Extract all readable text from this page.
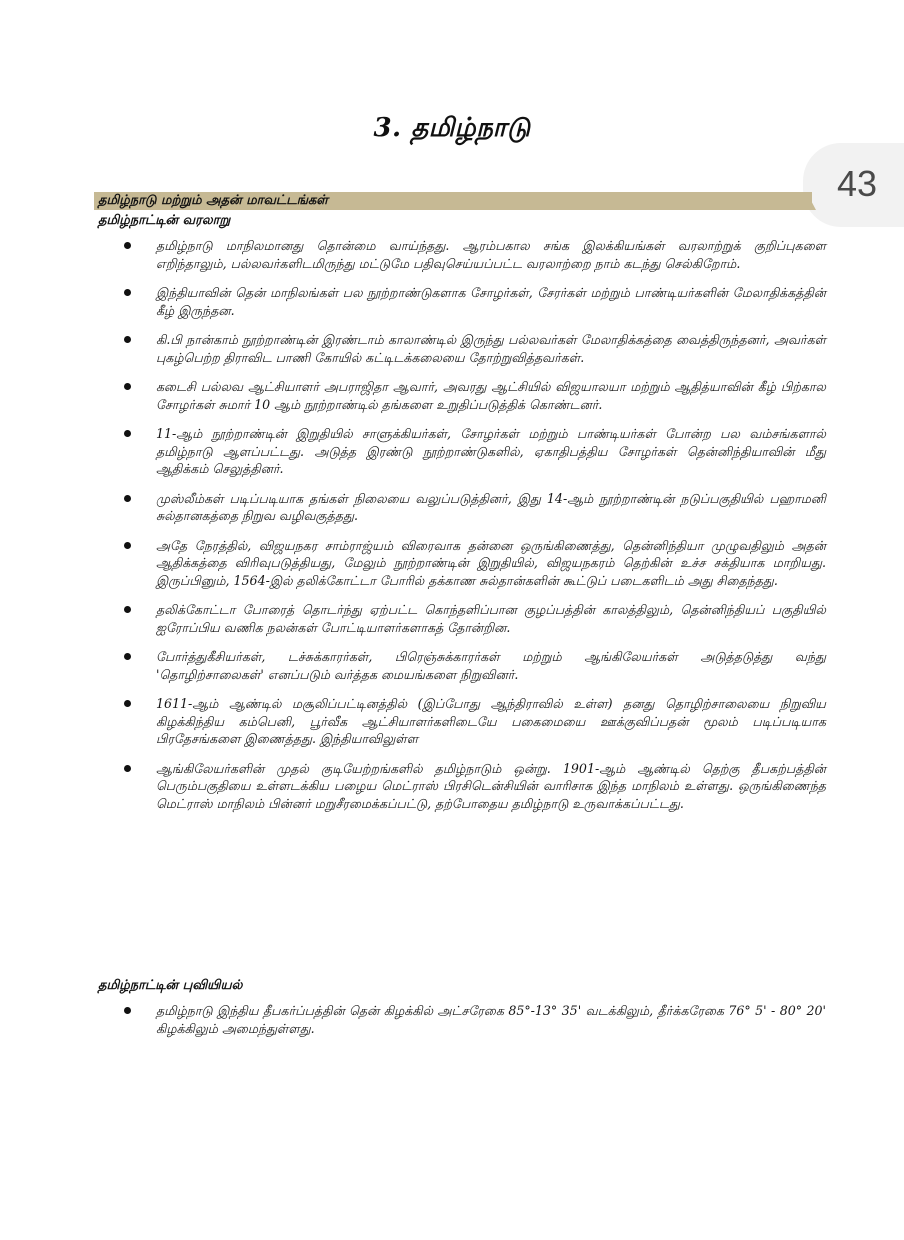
3. தமிழ்நாடு
43
தமிழ்நாடு மற்றும் அதன் மாவட்டங்கள்
தமிழ்நாட்டின் வரலாறு
தமிழ்நாடு மாநிலமானது தொன்மை வாய்ந்தது. ஆரம்பகால சங்க இலக்கியங்கள் வரலாற்றுக் குறிப்புகளை எறிந்தாலும், பல்லவர்களிடமிருந்து மட்டுமே பதிவுசெய்யப்பட்ட வரலாற்றை நாம் கடந்து செல்கிறோம்.
இந்தியாவின் தென் மாநிலங்கள் பல நூற்றாண்டுகளாக சோழர்கள், சேரர்கள் மற்றும் பாண்டியர்களின் மேலாதிக்கத்தின் கீழ் இருந்தன.
கி.பி நான்காம் நூற்றாண்டின் இரண்டாம் காலாண்டில் இருந்து பல்லவர்கள் மேலாதிக்கத்தை வைத்திருந்தனர், அவர்கள் புகழ்பெற்ற திராவிட பாணி கோயில் கட்டிடக்கலையை தோற்றுவித்தவர்கள்.
கடைசி பல்லவ ஆட்சியாளர் அபராஜிதா ஆவார், அவரது ஆட்சியில் விஜயாலயா மற்றும் ஆதித்யாவின் கீழ் பிற்கால சோழர்கள் சுமார் 10 ஆம் நூற்றாண்டில் தங்களை உறுதிப்படுத்திக் கொண்டனர்.
11-ஆம் நூற்றாண்டின் இறுதியில் சாளுக்கியர்கள், சோழர்கள் மற்றும் பாண்டியர்கள் போன்ற பல வம்சங்களால் தமிழ்நாடு ஆளப்பட்டது. அடுத்த இரண்டு நூற்றாண்டுகளில், ஏகாதிபத்திய சோழர்கள் தென்னிந்தியாவின் மீது ஆதிக்கம் செலுத்தினர்.
முஸ்லீம்கள் படிப்படியாக தங்கள் நிலையை வலுப்படுத்தினர், இது 14-ஆம் நூற்றாண்டின் நடுப்பகுதியில் பஹாமனி சுல்தானகத்தை நிறுவ வழிவகுத்தது.
அதே நேரத்தில், விஜயநகர சாம்ராஜ்யம் விரைவாக தன்னை ஒருங்கிணைத்து, தென்னிந்தியா முழுவதிலும் அதன் ஆதிக்கத்தை விரிவுபடுத்தியது, மேலும் நூற்றாண்டின் இறுதியில், விஜயநகரம் தெற்கின் உச்ச சக்தியாக மாறியது. இருப்பினும், 1564-இல் தலிக்கோட்டா போரில் தக்காண சுல்தான்களின் கூட்டுப் படைகளிடம் அது சிதைந்தது.
தலிக்கோட்டா போரைத் தொடர்ந்து ஏற்பட்ட கொந்தளிப்பான குழப்பத்தின் காலத்திலும், தென்னிந்தியப் பகுதியில் ஐரோப்பிய வணிக நலன்கள் போட்டியாளர்களாகத் தோன்றின.
போர்த்துகீசியர்கள், டச்சுக்காரர்கள், பிரெஞ்சுக்காரர்கள் மற்றும் ஆங்கிலேயர்கள் அடுத்தடுத்து வந்து 'தொழிற்சாலைகள்' எனப்படும் வர்த்தக மையங்களை நிறுவினர்.
1611-ஆம் ஆண்டில் மசூலிப்பட்டினத்தில் (இப்போது ஆந்திராவில் உள்ள) தனது தொழிற்சாலையை நிறுவிய கிழக்கிந்திய கம்பெனி, பூர்வீக ஆட்சியாளர்களிடையே பகைமையை ஊக்குவிப்பதன் மூலம் படிப்படியாக பிரதேசங்களை இணைத்தது. இந்தியாவிலுள்ள
ஆங்கிலேயர்களின் முதல் குடியேற்றங்களில் தமிழ்நாடும் ஒன்று. 1901-ஆம் ஆண்டில் தெற்கு தீபகற்பத்தின் பெரும்பகுதியை உள்ளடக்கிய பழைய மெட்ராஸ் பிரசிடென்சியின் வாரிசாக இந்த மாநிலம் உள்ளது. ஒருங்கிணைந்த மெட்ராஸ் மாநிலம் பின்னர் மறுசீரமைக்கப்பட்டு, தற்போதைய தமிழ்நாடு உருவாக்கப்பட்டது.
தமிழ்நாட்டின் புவியியல்
தமிழ்நாடு இந்திய தீபகர்ப்பத்தின் தென் கிழக்கில் அட்சரேகை 85°-13° 35' வடக்கிலும், தீர்க்கரேகை 76° 5' - 80° 20' கிழக்கிலும் அமைந்துள்ளது.
